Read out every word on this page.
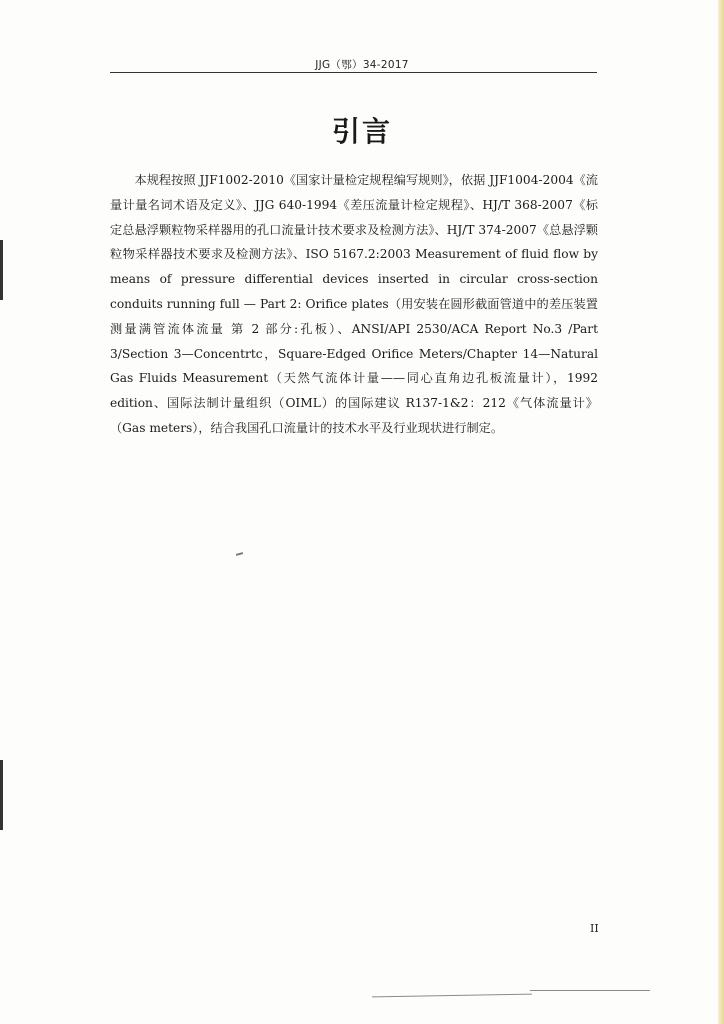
JJG（鄂）34-2017
引言

本规程按照 JJF1002-2010《国家计量检定规程编写规则》，依据 JJF1004-2004《流量计量名词术语及定义》、JJG 640-1994《差压流量计检定规程》、HJ/T 368-2007《标定总悬浮颗粒物采样器用的孔口流量计技术要求及检测方法》、HJ/T 374-2007《总悬浮颗粒物采样器技术要求及检测方法》、ISO 5167.2:2003 Measurement of fluid flow by means of pressure differential devices inserted in circular cross-section conduits running full — Part 2: Orifice plates（用安装在圆形截面管道中的差压装置测量满管流体流量 第 2 部分:孔板）、ANSI/API 2530/ACA Report No.3 /Part 3/Section 3—Concentrtc，Square-Edged Orifice Meters/Chapter 14—Natural Gas Fluids Measurement（天然气流体计量——同心直角边孔板流量计），1992 edition、国际法制计量组织（OIML）的国际建议 R137-1&2：212《气体流量计》（Gas meters），结合我国孔口流量计的技术水平及行业现状进行制定。

II
